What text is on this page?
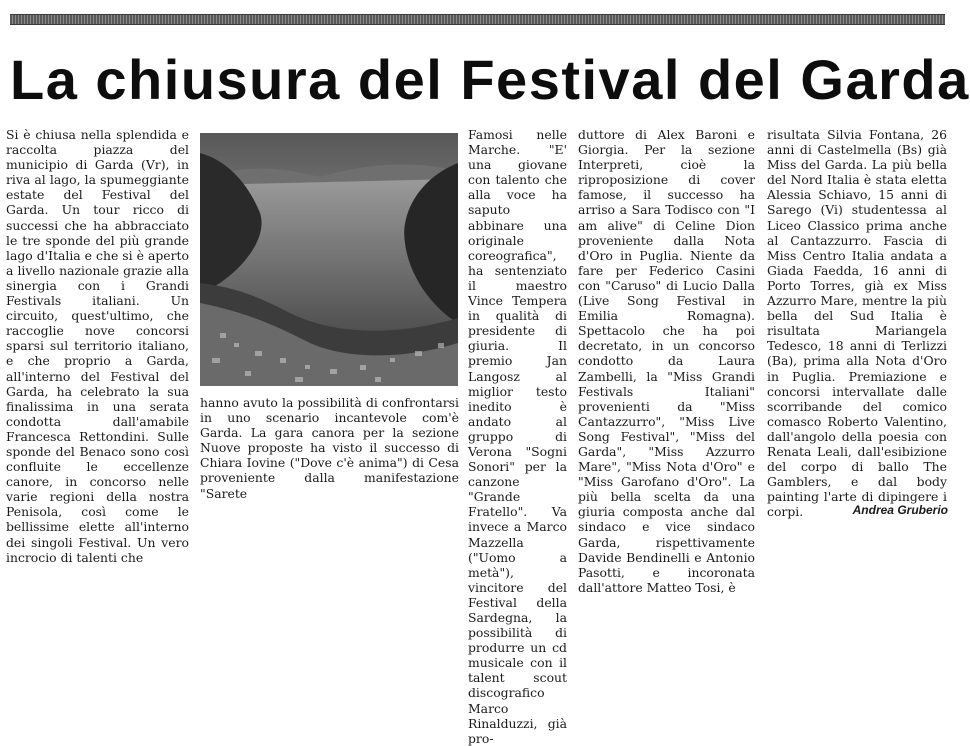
La chiusura del Festival del Garda

Si è chiusa nella splendida e raccolta piazza del municipio di Garda (Vr), in riva al lago, la spumeggiante estate del Festival del Garda. Un tour ricco di successi che ha abbracciato le tre sponde del più grande lago d'Italia e che si è aperto a livello nazionale grazie alla sinergia con i Grandi Festivals italiani. Un circuito, quest'ultimo, che raccoglie nove concorsi sparsi sul territorio italiano, e che proprio a Garda, all'interno del Festival del Garda, ha celebrato la sua finalissima in una serata condotta dall'amabile Francesca Rettondini. Sulle sponde del Benaco sono così confluite le eccellenze canore, in concorso nelle varie regioni della nostra Penisola, così come le bellissime elette all'interno dei singoli Festival. Un vero incrocio di talenti che

hanno avuto la possibilità di confrontarsi in uno scenario incantevole com'è Garda. La gara canora per la sezione Nuove proposte ha visto il successo di Chiara Iovine ("Dove c'è anima") di Cesa proveniente dalla manifestazione "Sarete

Famosi nelle Marche. "E' una giovane con talento che alla voce ha saputo abbinare una originale coreografica", ha sentenziato il maestro Vince Tempera in qualità di presidente di giuria. Il premio Jan Langosz al miglior testo inedito è andato al gruppo di Verona "Sogni Sonori" per la canzone "Grande Fratello". Va invece a Marco Mazzella ("Uomo a metà"), vincitore del Festival della Sardegna, la possibilità di produrre un cd musicale con il talent scout discografico Marco Rinalduzzi, già pro-

duttore di Alex Baroni e Giorgia. Per la sezione Interpreti, cioè la riproposizione di cover famose, il successo ha arriso a Sara Todisco con "I am alive" di Celine Dion proveniente dalla Nota d'Oro in Puglia. Niente da fare per Federico Casini con "Caruso" di Lucio Dalla (Live Song Festival in Emilia Romagna). Spettacolo che ha poi decretato, in un concorso condotto da Laura Zambelli, la "Miss Grandi Festivals Italiani" provenienti da "Miss Cantazzurro", "Miss Live Song Festival", "Miss del Garda", "Miss Azzurro Mare", "Miss Nota d'Oro" e "Miss Garofano d'Oro". La più bella scelta da una giuria composta anche dal sindaco e vice sindaco Garda, rispettivamente Davide Bendinelli e Antonio Pasotti, e incoronata dall'attore Matteo Tosi, è

risultata Silvia Fontana, 26 anni di Castelmella (Bs) già Miss del Garda. La più bella del Nord Italia è stata eletta Alessia Schiavo, 15 anni di Sarego (Vi) studentessa al Liceo Classico prima anche al Cantazzurro. Fascia di Miss Centro Italia andata a Giada Faedda, 16 anni di Porto Torres, già ex Miss Azzurro Mare, mentre la più bella del Sud Italia è risultata Mariangela Tedesco, 18 anni di Terlizzi (Ba), prima alla Nota d'Oro in Puglia. Premiazione e concorsi intervallate dalle scorribande del comico comasco Roberto Valentino, dall'angolo della poesia con Renata Leali, dall'esibizione del corpo di ballo The Gamblers, e dal body painting l'arte di dipingere i corpi.	Andrea Gruberio
